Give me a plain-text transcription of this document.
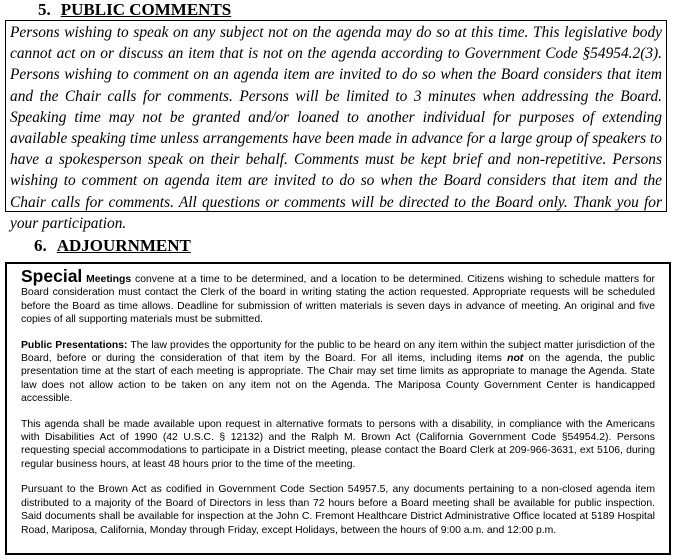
5. PUBLIC COMMENTS

Persons wishing to speak on any subject not on the agenda may do so at this time. This legislative body cannot act on or discuss an item that is not on the agenda according to Government Code §54954.2(3). Persons wishing to comment on an agenda item are invited to do so when the Board considers that item and the Chair calls for comments. Persons will be limited to 3 minutes when addressing the Board. Speaking time may not be granted and/or loaned to another individual for purposes of extending available speaking time unless arrangements have been made in advance for a large group of speakers to have a spokesperson speak on their behalf. Comments must be kept brief and non-repetitive. Persons wishing to comment on agenda item are invited to do so when the Board considers that item and the Chair calls for comments. All questions or comments will be directed to the Board only. Thank you for your participation.

6. ADJOURNMENT

Special Meetings convene at a time to be determined, and a location to be determined. Citizens wishing to schedule matters for Board consideration must contact the Clerk of the board in writing stating the action requested. Appropriate requests will be scheduled before the Board as time allows. Deadline for submission of written materials is seven days in advance of meeting. An original and five copies of all supporting materials must be submitted.

Public Presentations: The law provides the opportunity for the public to be heard on any item within the subject matter jurisdiction of the Board, before or during the consideration of that item by the Board. For all items, including items not on the agenda, the public presentation time at the start of each meeting is appropriate. The Chair may set time limits as appropriate to manage the Agenda. State law does not allow action to be taken on any item not on the Agenda. The Mariposa County Government Center is handicapped accessible.

This agenda shall be made available upon request in alternative formats to persons with a disability, in compliance with the Americans with Disabilities Act of 1990 (42 U.S.C. § 12132) and the Ralph M. Brown Act (California Government Code §54954.2). Persons requesting special accommodations to participate in a District meeting, please contact the Board Clerk at 209-966-3631, ext 5106, during regular business hours, at least 48 hours prior to the time of the meeting.

Pursuant to the Brown Act as codified in Government Code Section 54957.5, any documents pertaining to a non-closed agenda item distributed to a majority of the Board of Directors in less than 72 hours before a Board meeting shall be available for public inspection. Said documents shall be available for inspection at the John C. Fremont Healthcare District Administrative Office located at 5189 Hospital Road, Mariposa, California, Monday through Friday, except Holidays, between the hours of 9:00 a.m. and 12:00 p.m.
